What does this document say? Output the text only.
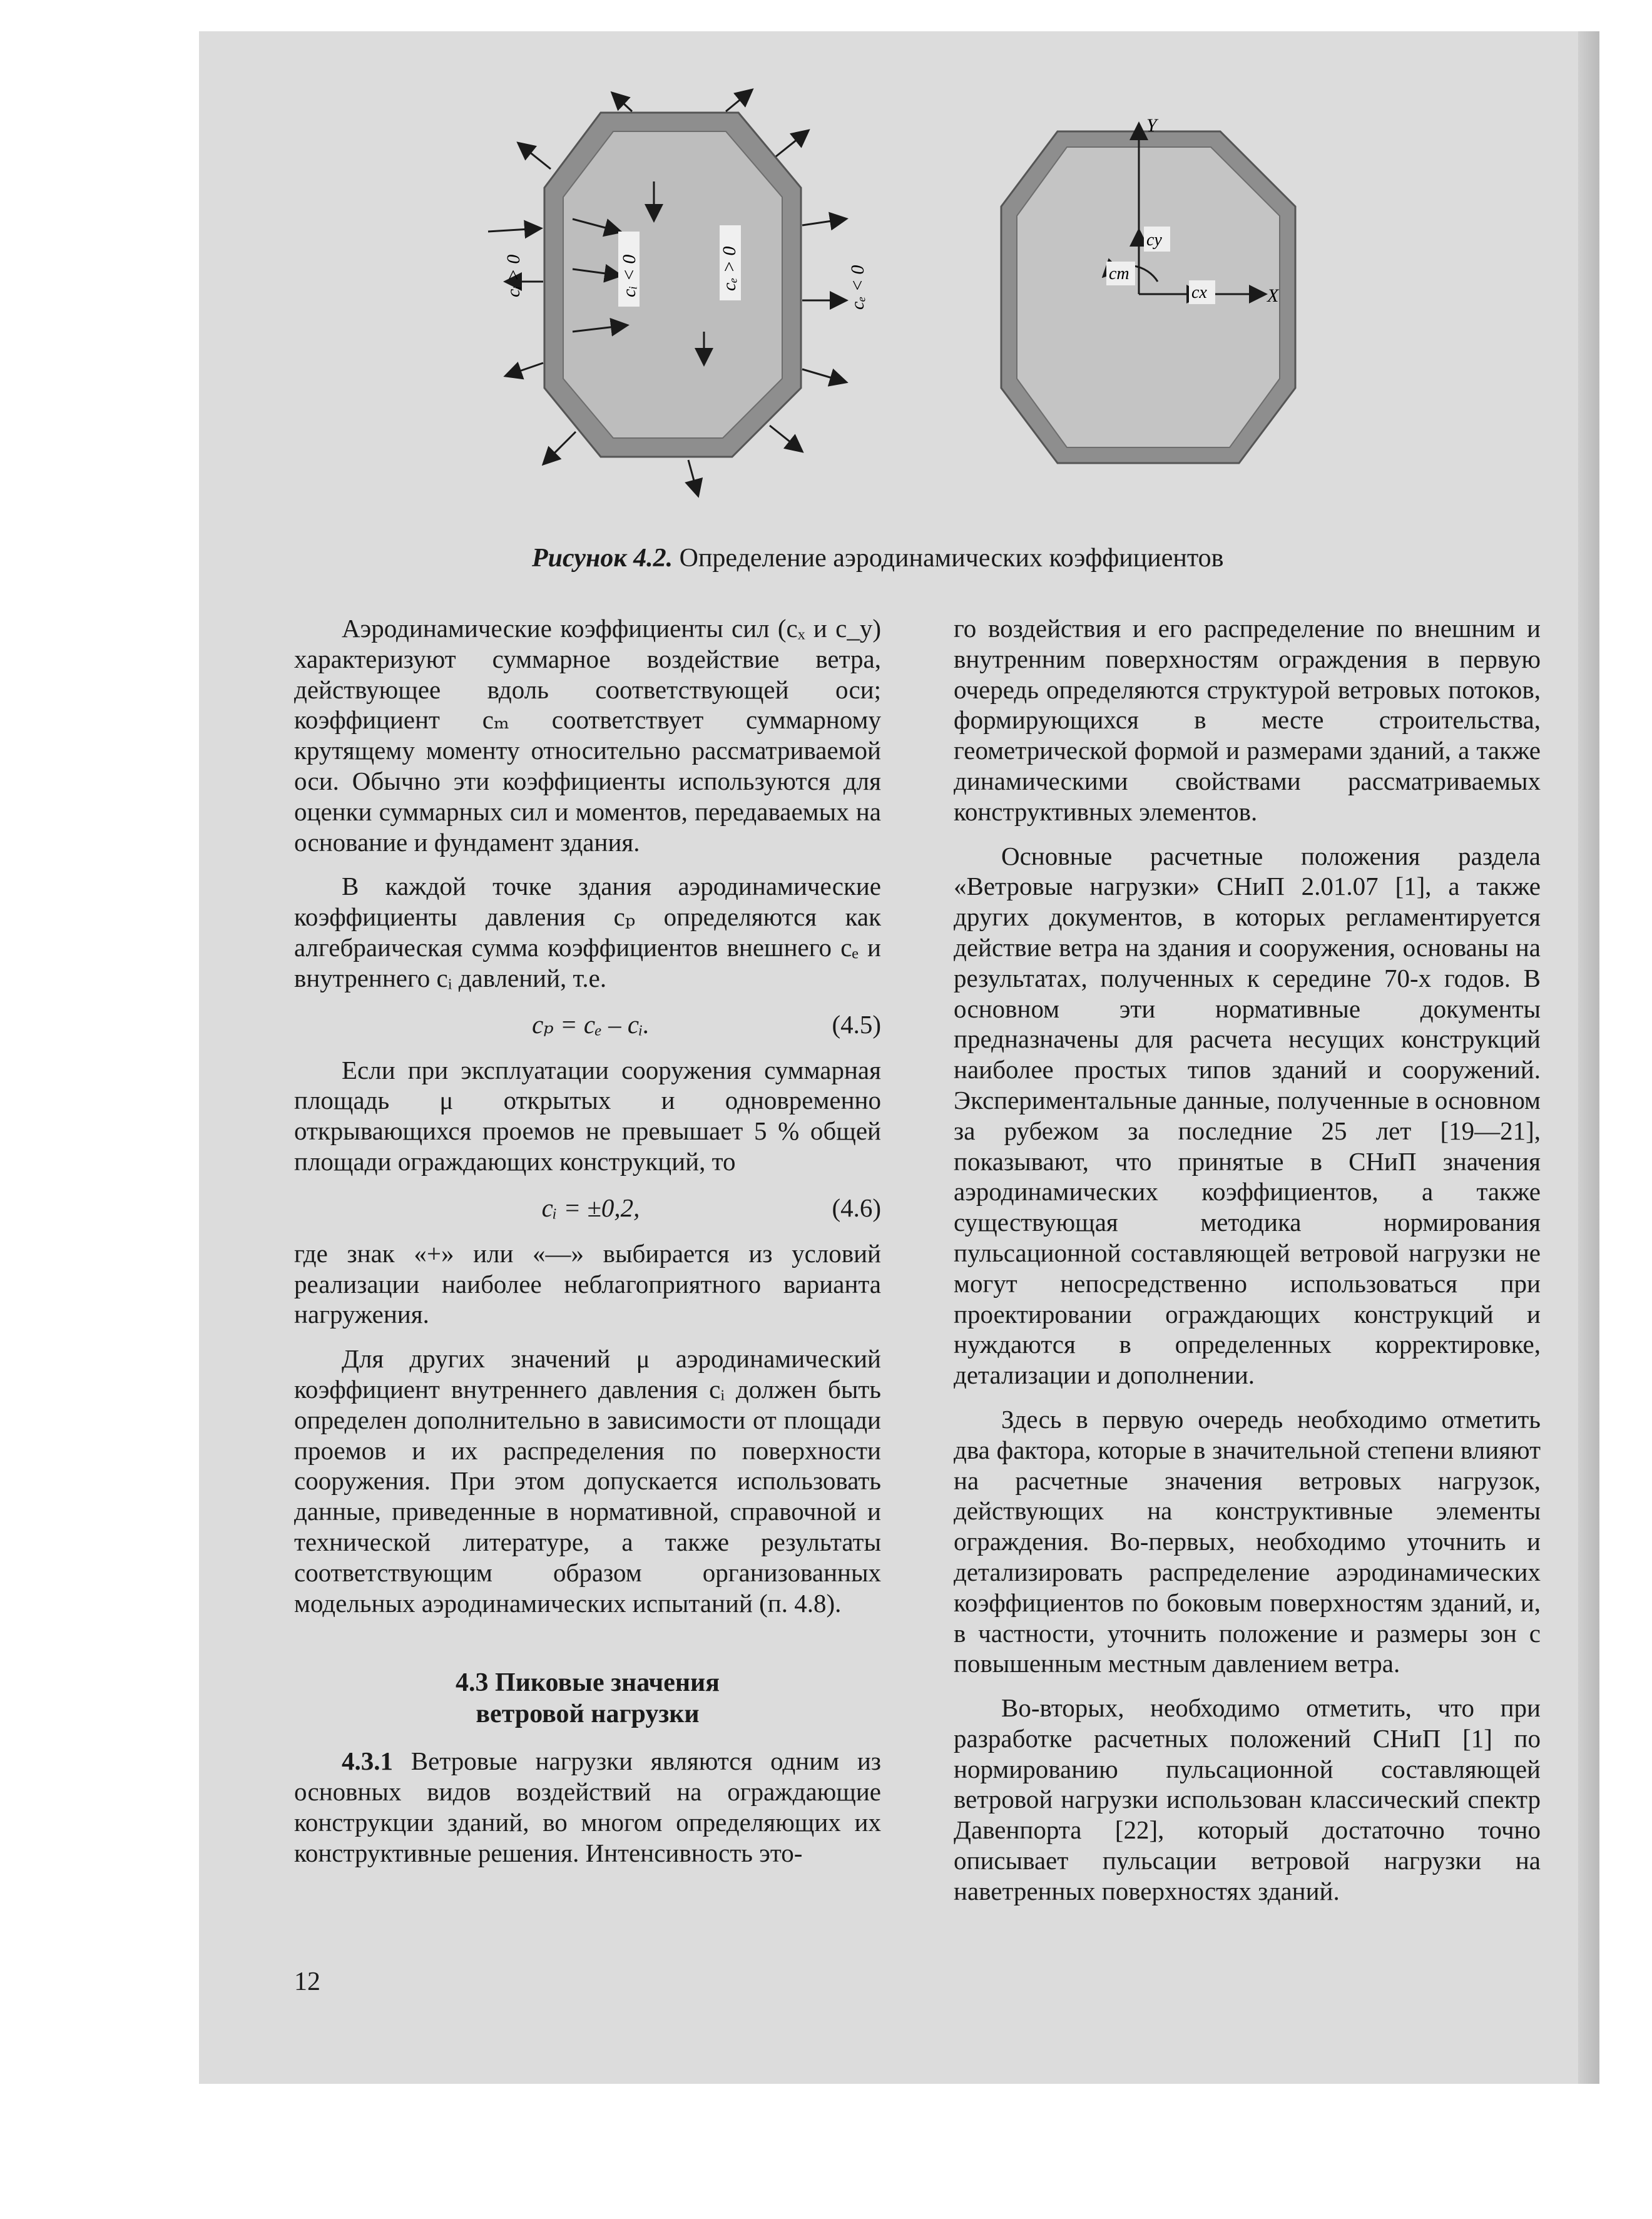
cᵢ > 0	cᵢ < 0	cₑ > 0	cₑ < 0
Y
X
cy
cx
cm
Рисунок 4.2. Определение аэродинамических коэффициентов

Аэродинамические коэффициенты сил (cₓ и c_y) характеризуют суммарное воздействие ветра, действующее вдоль соответствующей оси; коэффициент cₘ соответствует суммарному крутящему моменту относительно рассматриваемой оси. Обычно эти коэффициенты используются для оценки суммарных сил и моментов, передаваемых на основание и фундамент здания.

В каждой точке здания аэродинамические коэффициенты давления cₚ определяются как алгебраическая сумма коэффициентов внешнего cₑ и внутреннего cᵢ давлений, т.е.

cₚ = cₑ – cᵢ.	(4.5)

Если при эксплуатации сооружения суммарная площадь μ открытых и одновременно открывающихся проемов не превышает 5 % общей площади ограждающих конструкций, то

cᵢ = ±0,2,	(4.6)

где знак «+» или «—» выбирается из условий реализации наиболее неблагоприятного варианта нагружения.

Для других значений μ аэродинамический коэффициент внутреннего давления cᵢ должен быть определен дополнительно в зависимости от площади проемов и их распределения по поверхности сооружения. При этом допускается использовать данные, приведенные в нормативной, справочной и технической литературе, а также результаты соответствующим образом организованных модельных аэродинамических испытаний (п. 4.8).

4.3 Пиковые значения
ветровой нагрузки

4.3.1 Ветровые нагрузки являются одним из основных видов воздействий на ограждающие конструкции зданий, во многом определяющих их конструктивные решения. Интенсивность это-

го воздействия и его распределение по внешним и внутренним поверхностям ограждения в первую очередь определяются структурой ветровых потоков, формирующихся в месте строительства, геометрической формой и размерами зданий, а также динамическими свойствами рассматриваемых конструктивных элементов.

Основные расчетные положения раздела «Ветровые нагрузки» СНиП 2.01.07 [1], а также других документов, в которых регламентируется действие ветра на здания и сооружения, основаны на результатах, полученных к середине 70-х годов. В основном эти нормативные документы предназначены для расчета несущих конструкций наиболее простых типов зданий и сооружений. Экспериментальные данные, полученные в основном за рубежом за последние 25 лет [19—21], показывают, что принятые в СНиП значения аэродинамических коэффициентов, а также существующая методика нормирования пульсационной составляющей ветровой нагрузки не могут непосредственно использоваться при проектировании ограждающих конструкций и нуждаются в определенных корректировке, детализации и дополнении.

Здесь в первую очередь необходимо отметить два фактора, которые в значительной степени влияют на расчетные значения ветровых нагрузок, действующих на конструктивные элементы ограждения. Во-первых, необходимо уточнить и детализировать распределение аэродинамических коэффициентов по боковым поверхностям зданий, и, в частности, уточнить положение и размеры зон с повышенным местным давлением ветра.

Во-вторых, необходимо отметить, что при разработке расчетных положений СНиП [1] по нормированию пульсационной составляющей ветровой нагрузки использован классический спектр Давенпорта [22], который достаточно точно описывает пульсации ветровой нагрузки на наветренных поверхностях зданий.

12
